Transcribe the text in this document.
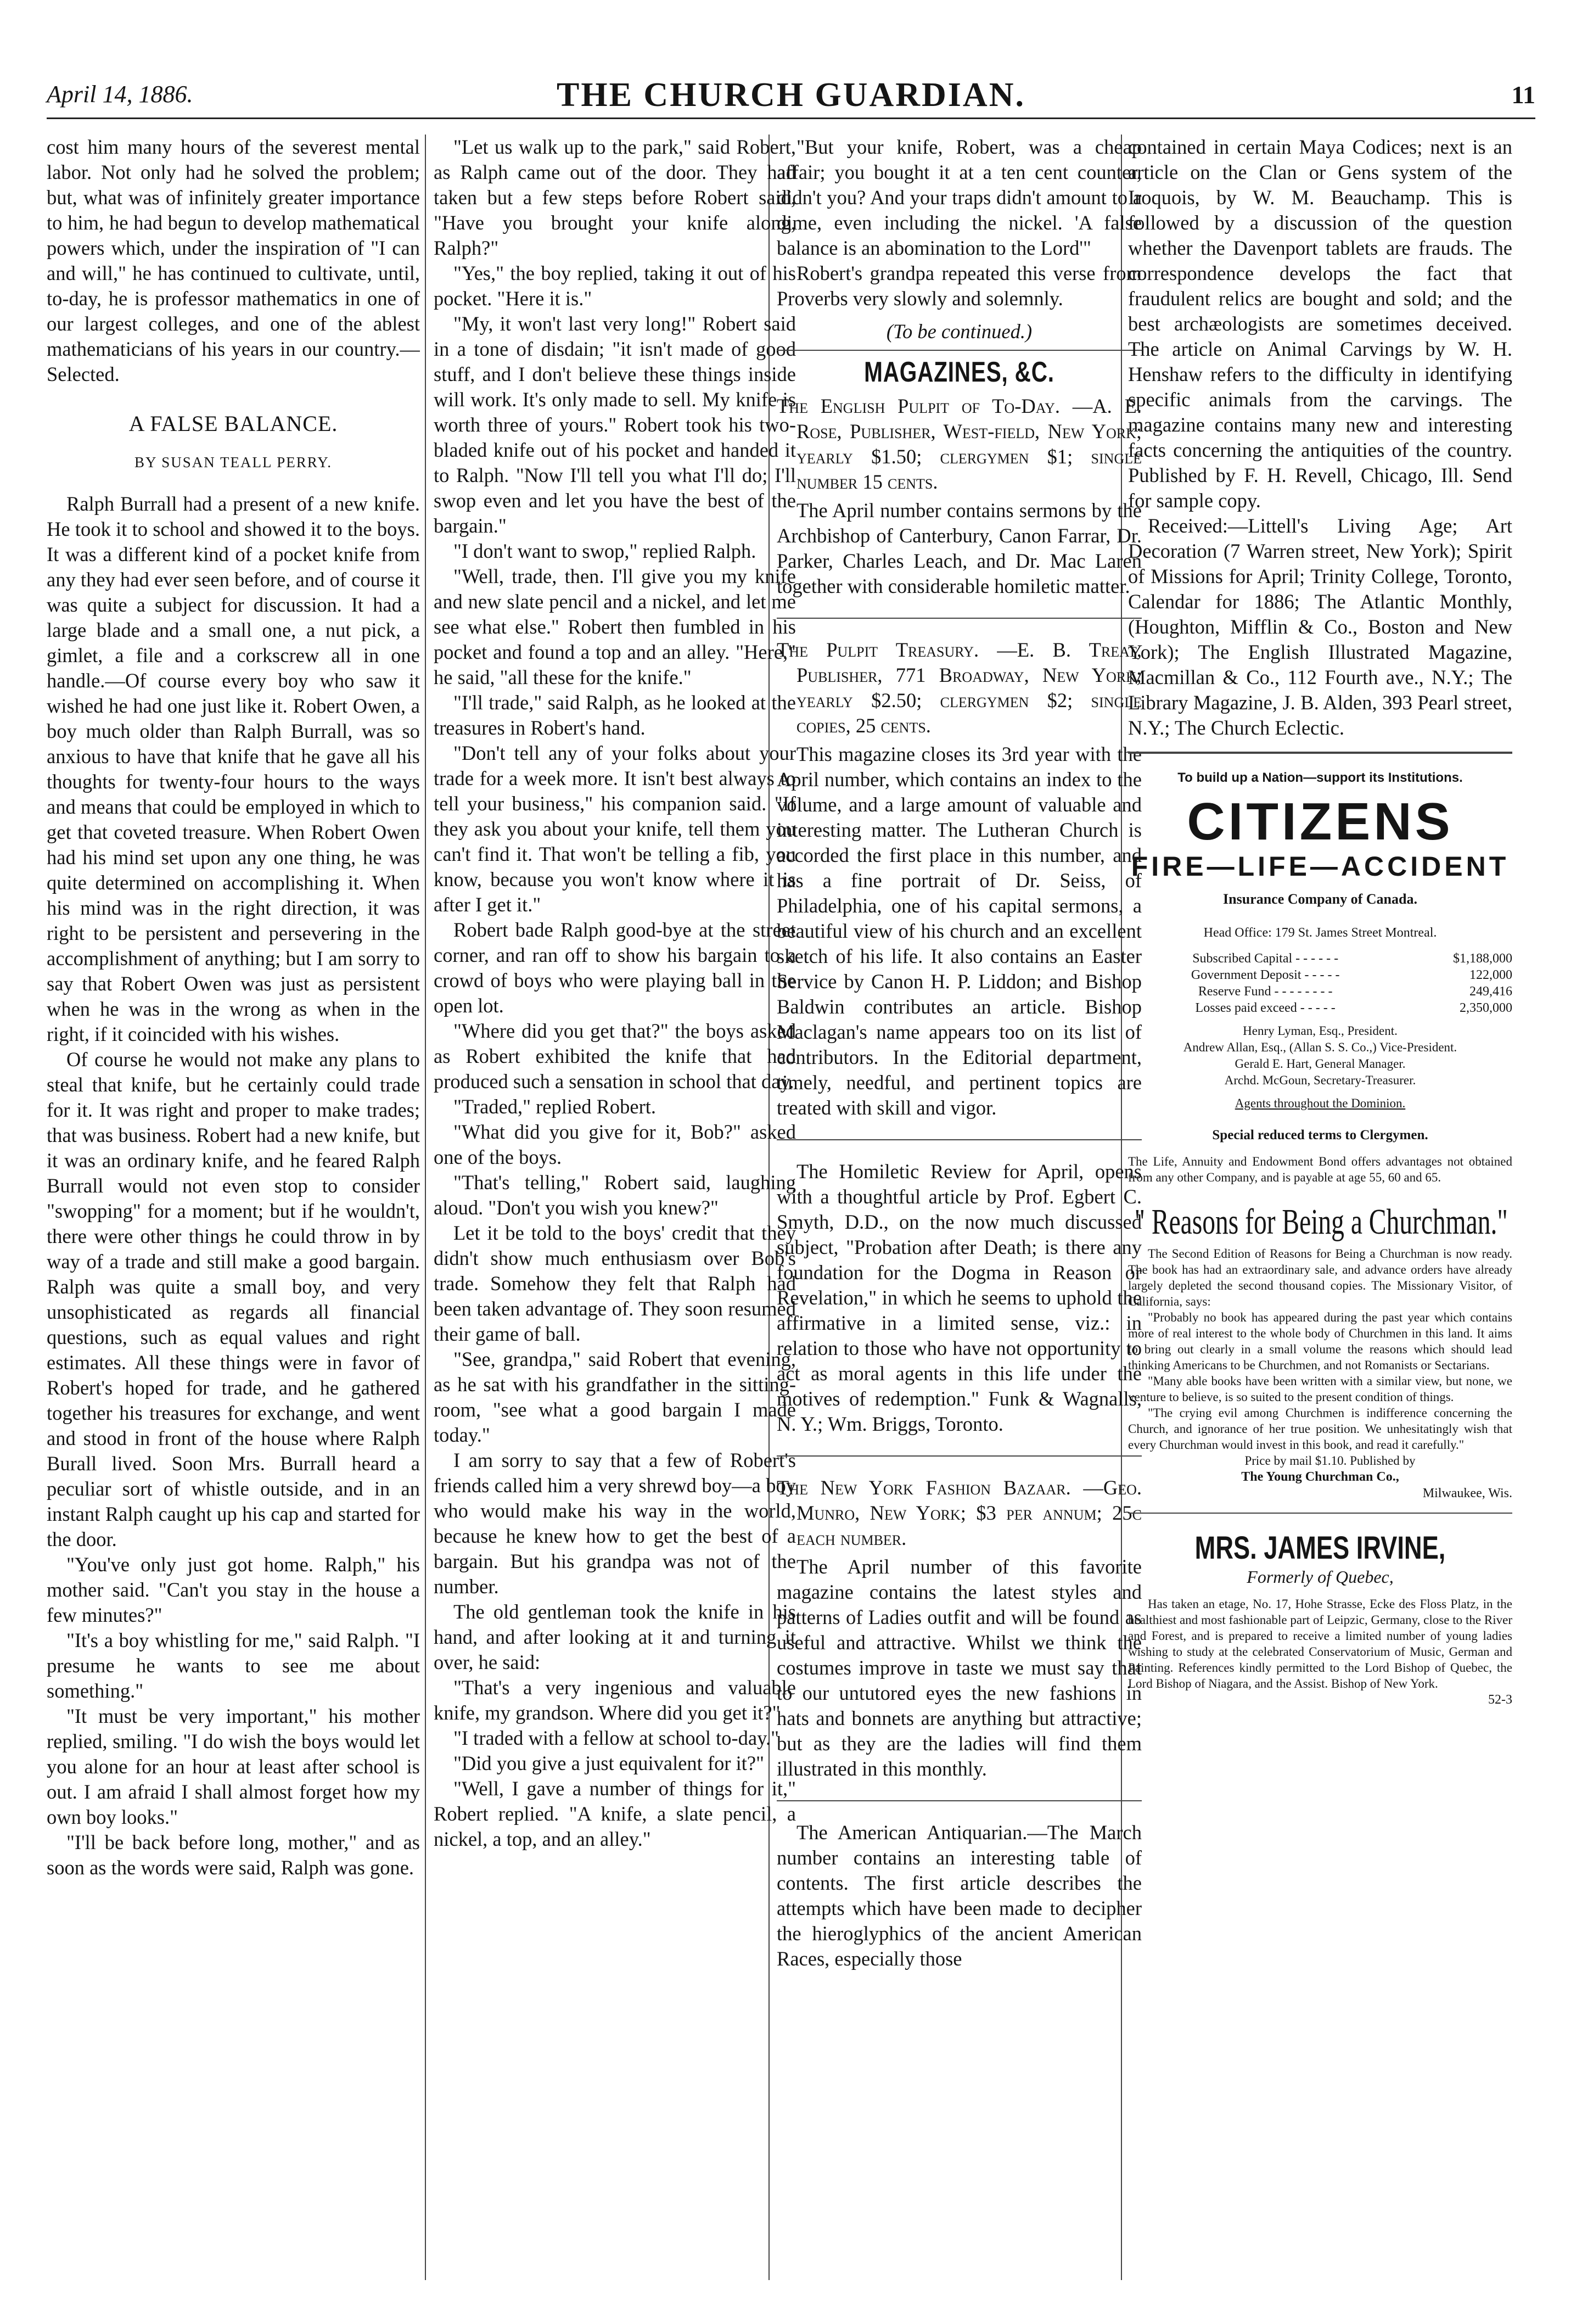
April 14, 1886.	THE CHURCH GUARDIAN.	11

cost him many hours of the severest mental labor. Not only had he solved the problem; but, what was of infinitely greater importance to him, he had begun to develop mathematical powers which, under the inspiration of "I can and will," he has continued to cultivate, until, to-day, he is professor mathematics in one of our largest colleges, and one of the ablest mathematicians of his years in our country.—Selected.

A FALSE BALANCE.
BY SUSAN TEALL PERRY.

Ralph Burrall had a present of a new knife. He took it to school and showed it to the boys. It was a different kind of a pocket knife from any they had ever seen before, and of course it was quite a subject for discussion. It had a large blade and a small one, a nut pick, a gimlet, a file and a corkscrew all in one handle.—Of course every boy who saw it wished he had one just like it. Robert Owen, a boy much older than Ralph Burrall, was so anxious to have that knife that he gave all his thoughts for twenty-four hours to the ways and means that could be employed in which to get that coveted treasure. When Robert Owen had his mind set upon any one thing, he was quite determined on accomplishing it. When his mind was in the right direction, it was right to be persistent and persevering in the accomplishment of anything; but I am sorry to say that Robert Owen was just as persistent when he was in the wrong as when in the right, if it coincided with his wishes.

Of course he would not make any plans to steal that knife, but he certainly could trade for it. It was right and proper to make trades; that was business. Robert had a new knife, but it was an ordinary knife, and he feared Ralph Burrall would not even stop to consider "swopping" for a moment; but if he wouldn't, there were other things he could throw in by way of a trade and still make a good bargain. Ralph was quite a small boy, and very unsophisticated as regards all financial questions, such as equal values and right estimates. All these things were in favor of Robert's hoped for trade, and he gathered together his treasures for exchange, and went and stood in front of the house where Ralph Burall lived. Soon Mrs. Burrall heard a peculiar sort of whistle outside, and in an instant Ralph caught up his cap and started for the door.

"You've only just got home. Ralph," his mother said. "Can't you stay in the house a few minutes?"

"It's a boy whistling for me," said Ralph. "I presume he wants to see me about something."

"It must be very important," his mother replied, smiling. "I do wish the boys would let you alone for an hour at least after school is out. I am afraid I shall almost forget how my own boy looks."

"I'll be back before long, mother," and as soon as the words were said, Ralph was gone.

"Let us walk up to the park," said Robert, as Ralph came out of the door. They had taken but a few steps before Robert said, "Have you brought your knife along, Ralph?"

"Yes," the boy replied, taking it out of his pocket. "Here it is."

"My, it won't last very long!" Robert said in a tone of disdain; "it isn't made of good stuff, and I don't believe these things inside will work. It's only made to sell. My knife is worth three of yours." Robert took his two-bladed knife out of his pocket and handed it to Ralph. "Now I'll tell you what I'll do; I'll swop even and let you have the best of the bargain."

"I don't want to swop," replied Ralph.

"Well, trade, then. I'll give you my knife and new slate pencil and a nickel, and let me see what else." Robert then fumbled in his pocket and found a top and an alley. "Here," he said, "all these for the knife."

"I'll trade," said Ralph, as he looked at the treasures in Robert's hand.

"Don't tell any of your folks about your trade for a week more. It isn't best always to tell your business," his companion said. "If they ask you about your knife, tell them you can't find it. That won't be telling a fib, you know, because you won't know where it is after I get it."

Robert bade Ralph good-bye at the street corner, and ran off to show his bargain to a crowd of boys who were playing ball in the open lot.

"Where did you get that?" the boys asked as Robert exhibited the knife that had produced such a sensation in school that day.

"Traded," replied Robert.

"What did you give for it, Bob?" asked one of the boys.

"That's telling," Robert said, laughing aloud. "Don't you wish you knew?"

Let it be told to the boys' credit that they didn't show much enthusiasm over Bob's trade. Somehow they felt that Ralph had been taken advantage of. They soon resumed their game of ball.

"See, grandpa," said Robert that evening, as he sat with his grandfather in the sitting-room, "see what a good bargain I made today."

I am sorry to say that a few of Robert's friends called him a very shrewd boy—a boy who would make his way in the world, because he knew how to get the best of a bargain. But his grandpa was not of the number.

The old gentleman took the knife in his hand, and after looking at it and turning it over, he said:

"That's a very ingenious and valuable knife, my grandson. Where did you get it?"

"I traded with a fellow at school to-day."

"Did you give a just equivalent for it?"

"Well, I gave a number of things for it," Robert replied. "A knife, a slate pencil, a nickel, a top, and an alley."

"But your knife, Robert, was a cheap affair; you bought it at a ten cent counter, didn't you? And your traps didn't amount to a dime, even including the nickel. 'A false balance is an abomination to the Lord'"

Robert's grandpa repeated this verse from Proverbs very slowly and solemnly.

(To be continued.)
MAGAZINES, &C.

The English Pulpit of To-Day. —A. E. Rose, Publisher, West-field, New York; yearly $1.50; clergymen $1; single number 15 cents.

The April number contains sermons by the Archbishop of Canterbury, Canon Farrar, Dr. Parker, Charles Leach, and Dr. Mac Laren together with considerable homiletic matter.

The Pulpit Treasury. —E. B. Treat, Publisher, 771 Broadway, New York; yearly $2.50; clergymen $2; single copies, 25 cents.

This magazine closes its 3rd year with the April number, which contains an index to the volume, and a large amount of valuable and interesting matter. The Lutheran Church is accorded the first place in this number, and has a fine portrait of Dr. Seiss, of Philadelphia, one of his capital sermons, a beautiful view of his church and an excellent sketch of his life. It also contains an Easter Service by Canon H. P. Liddon; and Bishop Baldwin contributes an article. Bishop Maclagan's name appears too on its list of contributors. In the Editorial department, timely, needful, and pertinent topics are treated with skill and vigor.

The Homiletic Review for April, opens with a thoughtful article by Prof. Egbert C. Smyth, D.D., on the now much discussed subject, "Probation after Death; is there any foundation for the Dogma in Reason or Revelation," in which he seems to uphold the affirmative in a limited sense, viz.: in relation to those who have not opportunity to act as moral agents in this life under the motives of redemption." Funk & Wagnalls, N. Y.; Wm. Briggs, Toronto.

The New York Fashion Bazaar. —Geo. Munro, New York; $3 per annum; 25c each number.

The April number of this favorite magazine contains the latest styles and patterns of Ladies outfit and will be found as useful and attractive. Whilst we think the costumes improve in taste we must say that to our untutored eyes the new fashions in hats and bonnets are anything but attractive; but as they are the ladies will find them illustrated in this monthly.

The American Antiquarian.—The March number contains an interesting table of contents. The first article describes the attempts which have been made to decipher the hieroglyphics of the ancient American Races, especially those

contained in certain Maya Codices; next is an article on the Clan or Gens system of the Iroquois, by W. M. Beauchamp. This is followed by a discussion of the question whether the Davenport tablets are frauds. The correspondence develops the fact that fraudulent relics are bought and sold; and the best archæologists are sometimes deceived. The article on Animal Carvings by W. H. Henshaw refers to the difficulty in identifying specific animals from the carvings. The magazine contains many new and interesting facts concerning the antiquities of the country. Published by F. H. Revell, Chicago, Ill. Send for sample copy.

Received:—Littell's Living Age; Art Decoration (7 Warren street, New York); Spirit of Missions for April; Trinity College, Toronto, Calendar for 1886; The Atlantic Monthly, (Houghton, Mifflin & Co., Boston and New York); The English Illustrated Magazine, Macmillan & Co., 112 Fourth ave., N.Y.; The Library Magazine, J. B. Alden, 393 Pearl street, N.Y.; The Church Eclectic.

To build up a Nation—support its Institutions.
CITIZENS
FIRE—LIFE—ACCIDENT
Insurance Company of Canada.
Head Office: 179 St. James Street Montreal.
Subscribed Capital - - - - - -	$1,188,000
Government Deposit - - - - -	122,000
Reserve Fund - - - - - - - -	249,416
Losses paid exceed - - - - -	2,350,000
Henry Lyman, Esq., President.
Andrew Allan, Esq., (Allan S. S. Co.,) Vice-President.
Gerald E. Hart, General Manager.
Archd. McGoun, Secretary-Treasurer.
Agents throughout the Dominion.
Special reduced terms to Clergymen.
The Life, Annuity and Endowment Bond offers advantages not obtained from any other Company, and is payable at age 55, 60 and 65.
" Reasons for Being a Churchman."

The Second Edition of Reasons for Being a Churchman is now ready. The book has had an extraordinary sale, and advance orders have already largely depleted the second thousand copies. The Missionary Visitor, of California, says:

"Probably no book has appeared during the past year which contains more of real interest to the whole body of Churchmen in this land. It aims to bring out clearly in a small volume the reasons which should lead thinking Americans to be Churchmen, and not Romanists or Sectarians.

"Many able books have been written with a similar view, but none, we venture to believe, is so suited to the present condition of things.

"The crying evil among Churchmen is indifference concerning the Church, and ignorance of her true position. We unhesitatingly wish that every Churchman would invest in this book, and read it carefully."

Price by mail $1.10. Published by

The Young Churchman Co.,
Milwaukee, Wis.
MRS. JAMES IRVINE,
Formerly of Quebec,

Has taken an etage, No. 17, Hohe Strasse, Ecke des Floss Platz, in the healthiest and most fashionable part of Leipzic, Germany, close to the River and Forest, and is prepared to receive a limited number of young ladies wishing to study at the celebrated Conservatorium of Music, German and Painting. References kindly permitted to the Lord Bishop of Quebec, the Lord Bishop of Niagara, and the Assist. Bishop of New York.

52-3
